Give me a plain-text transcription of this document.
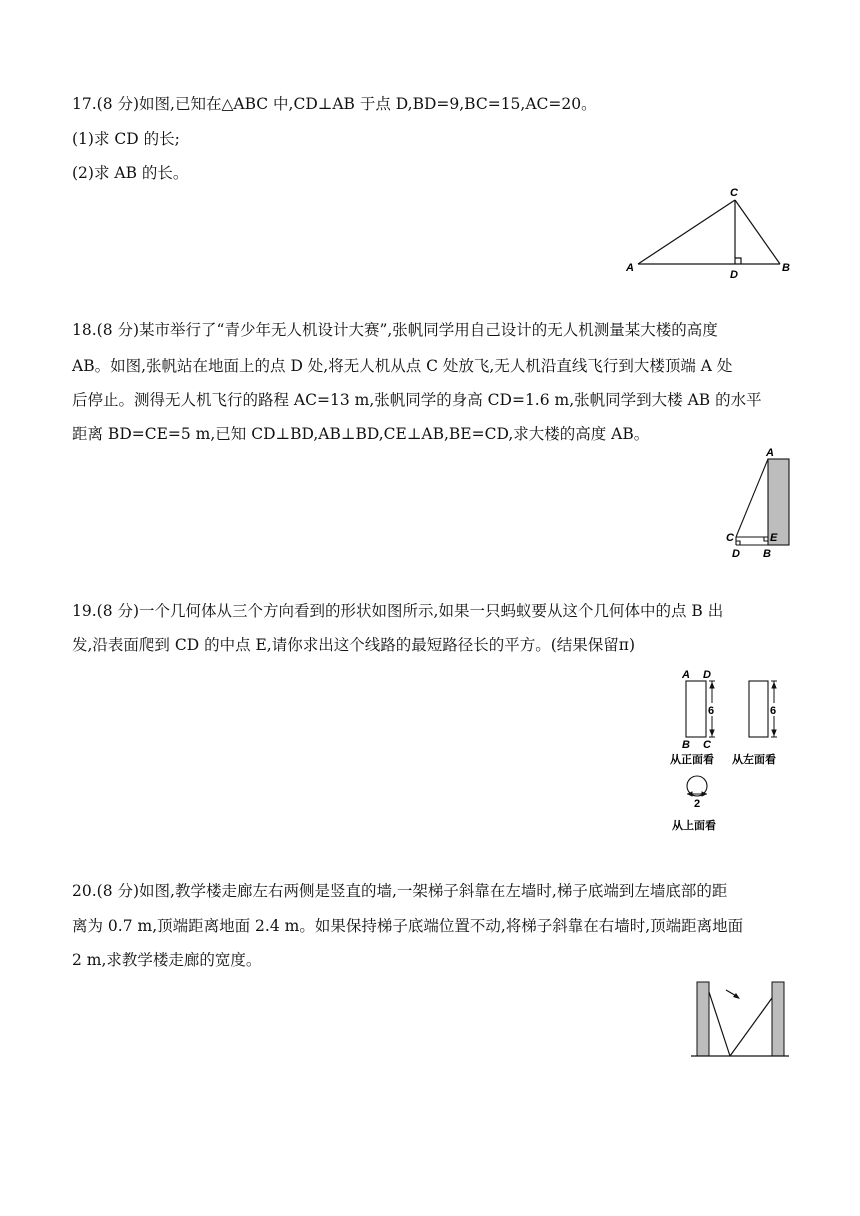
17.(8 分)如图,已知在△ABC 中,CD⊥AB 于点 D,BD=9,BC=15,AC=20。
(1)求 CD 的长;
(2)求 AB 的长。
A	B
C
D
18.(8 分)某市举行了“青少年无人机设计大赛”,张帆同学用自己设计的无人机测量某大楼的高度
AB。如图,张帆站在地面上的点 D 处,将无人机从点 C 处放飞,无人机沿直线飞行到大楼顶端 A 处
后停止。测得无人机飞行的路程 AC=13 m,张帆同学的身高 CD=1.6 m,张帆同学到大楼 AB 的水平
距离 BD=CE=5 m,已知 CD⊥BD,AB⊥BD,CE⊥AB,BE=CD,求大楼的高度 AB。
A
C	E
D B
19.(8 分)一个几何体从三个方向看到的形状如图所示,如果一只蚂蚁要从这个几何体中的点 B 出
发,沿表面爬到 CD 的中点 E,请你求出这个线路的最短路径长的平方。(结果保留π)
6
A D
B C
从正面看
6
从左面看
2
从上面看
20.(8 分)如图,教学楼走廊左右两侧是竖直的墙,一架梯子斜靠在左墙时,梯子底端到左墙底部的距
离为 0.7 m,顶端距离地面 2.4 m。如果保持梯子底端位置不动,将梯子斜靠在右墙时,顶端距离地面
2 m,求教学楼走廊的宽度。
